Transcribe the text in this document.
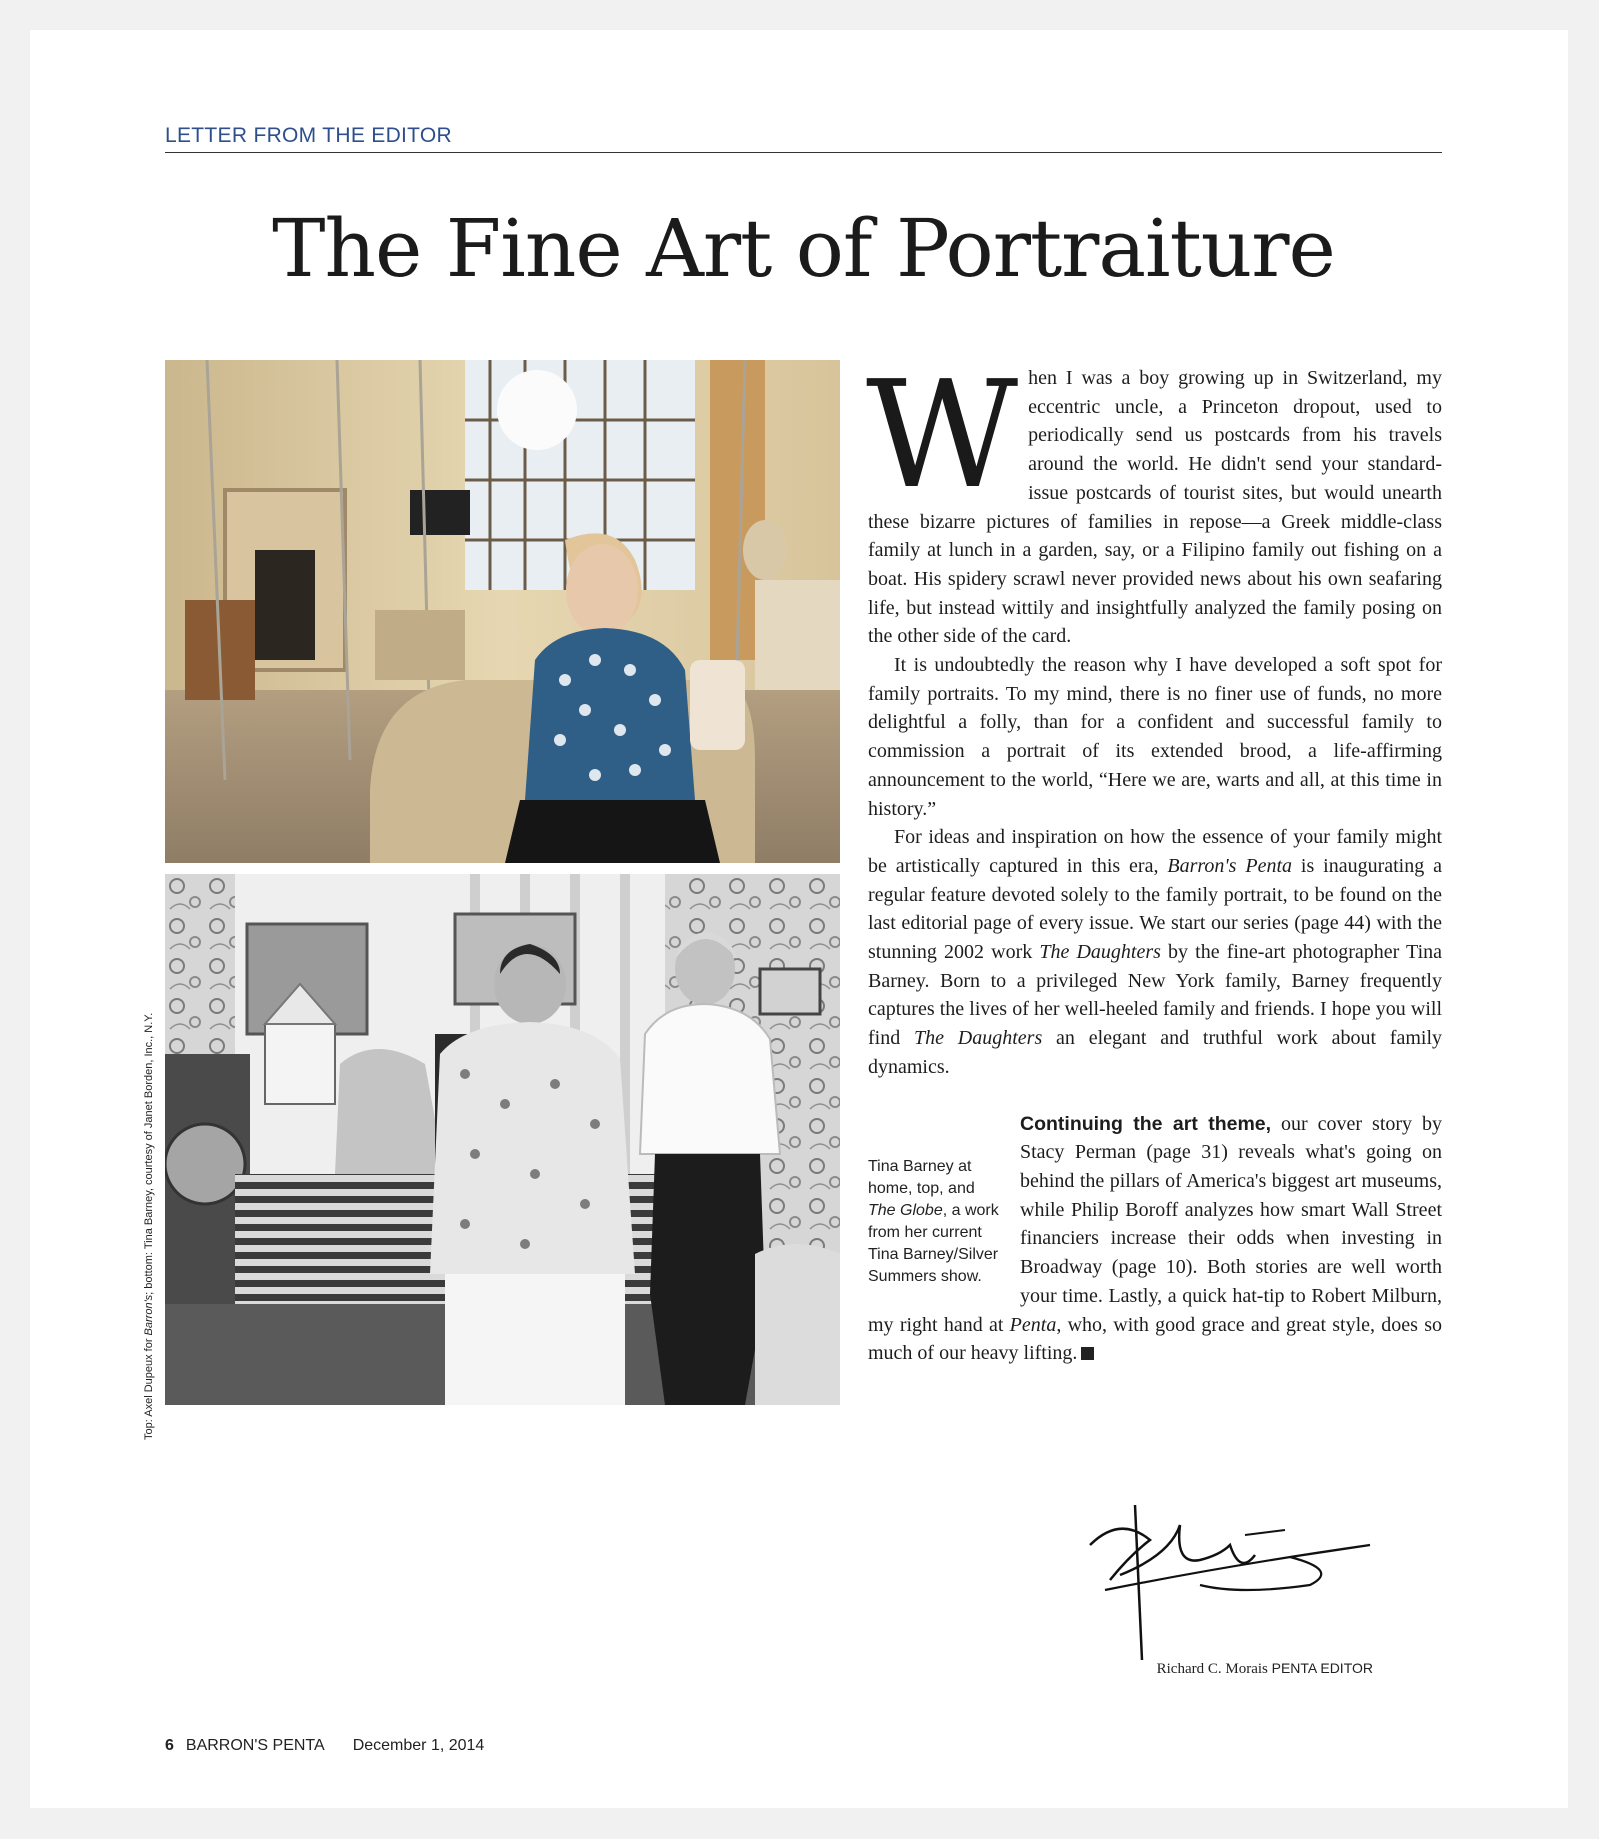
LETTER FROM THE EDITOR
The Fine Art of Portraiture
Top: Axel Dupeux for Barron's; bottom: Tina Barney, courtesy of Janet Borden, Inc., N.Y.

When I was a boy growing up in Switzerland, my eccentric uncle, a Princeton dropout, used to periodically send us postcards from his travels around the world. He didn't send your standard-issue postcards of tourist sites, but would unearth these bizarre pictures of families in repose—a Greek middle-class family at lunch in a garden, say, or a Filipino family out fishing on a boat. His spidery scrawl never provided news about his own seafaring life, but instead wittily and insightfully analyzed the family posing on the other side of the card.

It is undoubtedly the reason why I have developed a soft spot for family portraits. To my mind, there is no finer use of funds, no more delightful a folly, than for a confident and successful family to commission a portrait of its extended brood, a life-affirming announcement to the world, “Here we are, warts and all, at this time in history.”

For ideas and inspiration on how the essence of your family might be artistically captured in this era, Barron's Penta is inaugurating a regular feature devoted solely to the family portrait, to be found on the last editorial page of every issue. We start our series (page 44) with the stunning 2002 work The Daughters by the fine-art photographer Tina Barney. Born to a privileged New York family, Barney frequently captures the lives of her well-heeled family and friends. I hope you will find The Daughters an elegant and truthful work about family dynamics.

Tina Barney at home, top, and The Globe, a work from her current Tina Barney/Silver Summers show.
Continuing the art theme, our cover story by Stacy Perman (page 31) reveals what's going on behind the pillars of America's biggest art museums, while Philip Boroff analyzes how smart Wall Street financiers increase their odds when investing in Broadway (page 10). Both stories are well worth your time. Lastly, a quick hat-tip to Robert Milburn, my right hand at Penta, who, with good grace and great style, does so much of our heavy lifting.

Richard C. Morais PENTA EDITOR
6 BARRON'S PENTA December 1, 2014
